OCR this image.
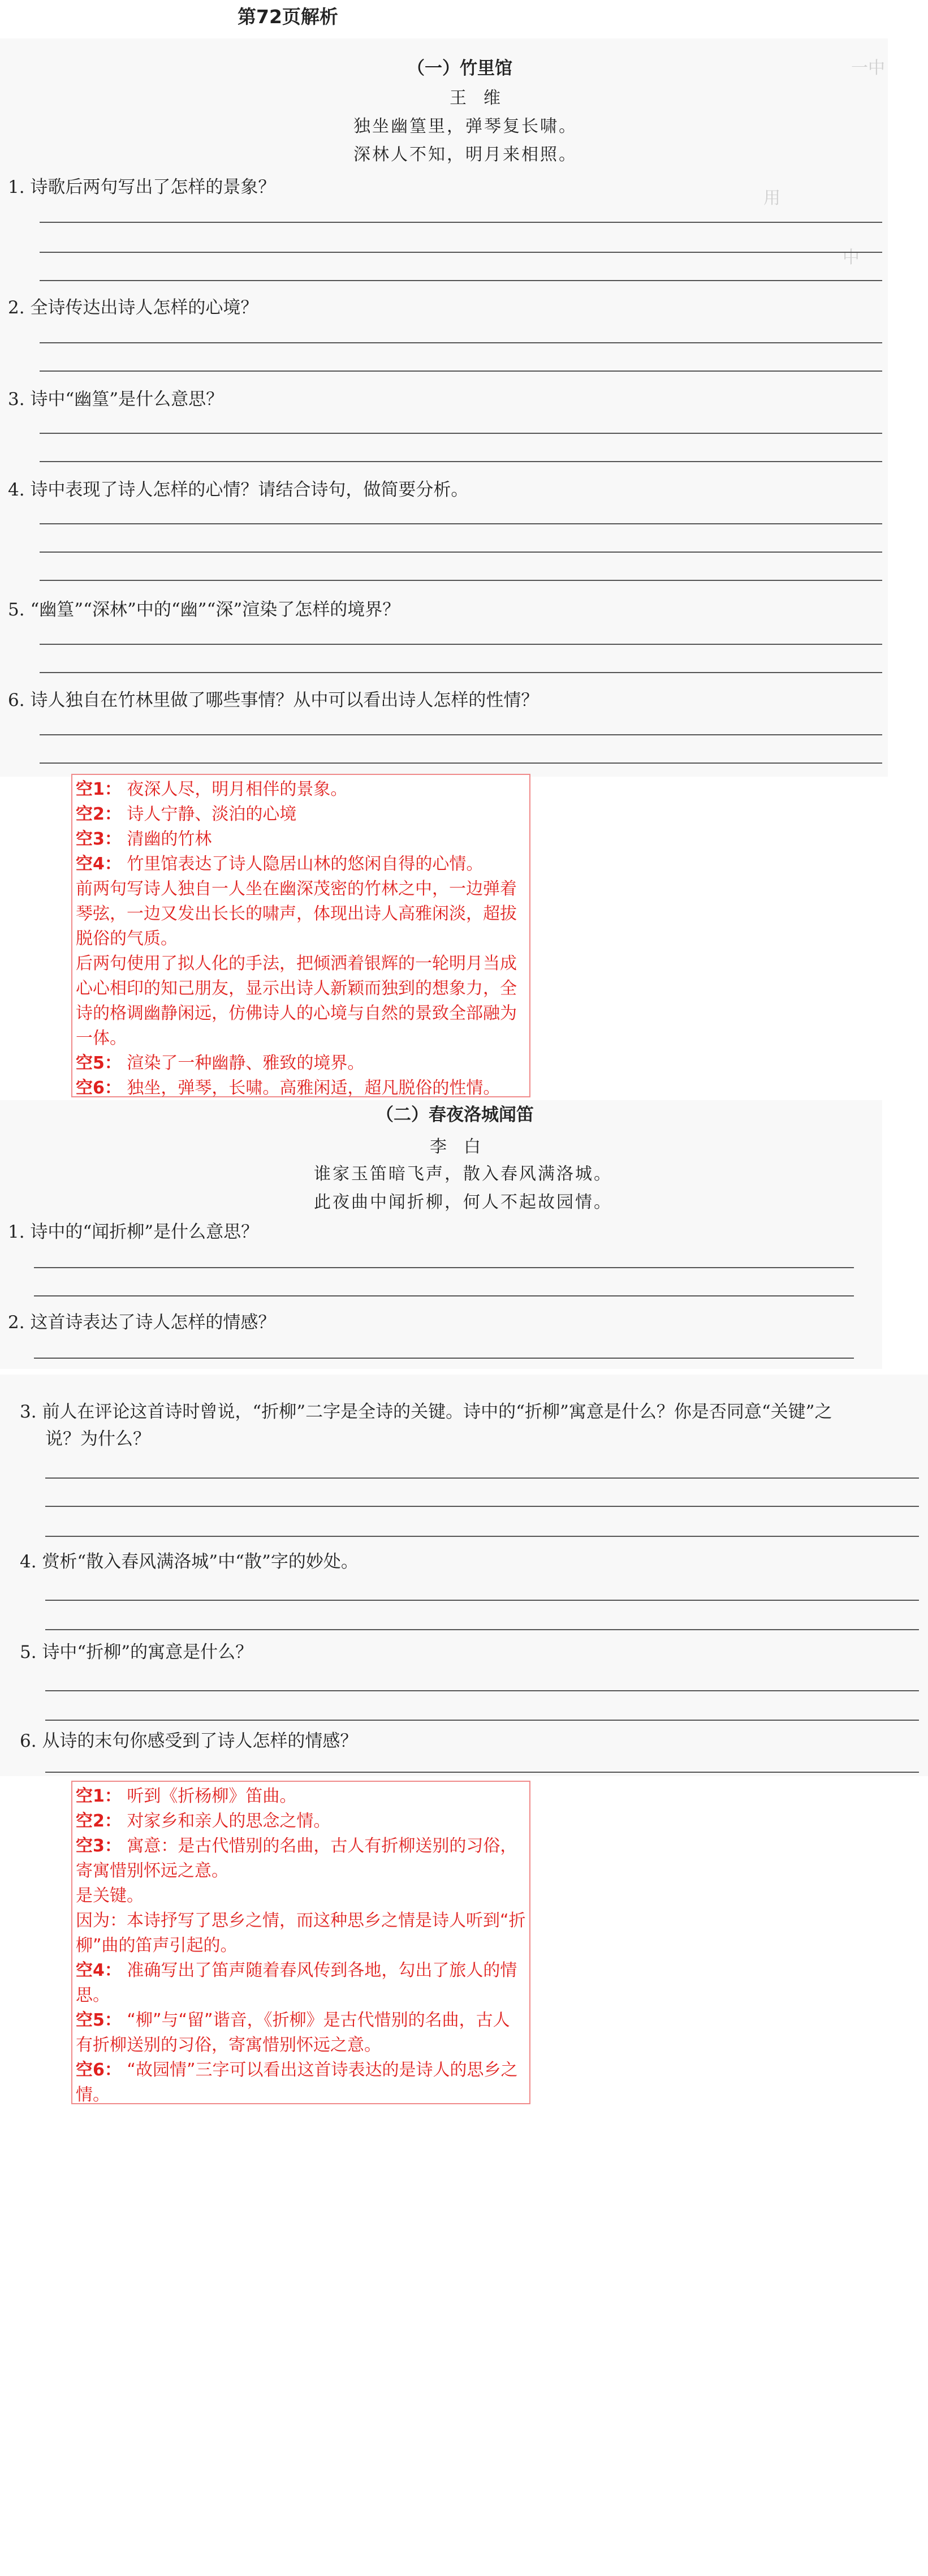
第72页解析
一中
用
中
（一）竹里馆
王维
独坐幽篁里，弹琴复长啸。
深林人不知，明月来相照。
1. 诗歌后两句写出了怎样的景象？
2. 全诗传达出诗人怎样的心境？
3. 诗中“幽篁”是什么意思？
4. 诗中表现了诗人怎样的心情？请结合诗句，做简要分析。
5. “幽篁”“深林”中的“幽”“深”渲染了怎样的境界？
6. 诗人独自在竹林里做了哪些事情？从中可以看出诗人怎样的性情？

空1： 夜深人尽，明月相伴的景象。

空2： 诗人宁静、淡泊的心境

空3： 清幽的竹林

空4： 竹里馆表达了诗人隐居山林的悠闲自得的心情。

前两句写诗人独自一人坐在幽深茂密的竹林之中，一边弹着琴弦，一边又发出长长的啸声，体现出诗人高雅闲淡，超拔脱俗的气质。

后两句使用了拟人化的手法，把倾洒着银辉的一轮明月当成心心相印的知己朋友，显示出诗人新颖而独到的想象力，全诗的格调幽静闲远，仿佛诗人的心境与自然的景致全部融为一体。

空5： 渲染了一种幽静、雅致的境界。

空6： 独坐，弹琴，长啸。高雅闲适，超凡脱俗的性情。

（二）春夜洛城闻笛
李白
谁家玉笛暗飞声，散入春风满洛城。
此夜曲中闻折柳，何人不起故园情。
1. 诗中的“闻折柳”是什么意思？
2. 这首诗表达了诗人怎样的情感？
3. 前人在评论这首诗时曾说，“折柳”二字是全诗的关键。诗中的“折柳”寓意是什么？你是否同意“关键”之
说？为什么？
4. 赏析“散入春风满洛城”中“散”字的妙处。
5. 诗中“折柳”的寓意是什么？
6. 从诗的末句你感受到了诗人怎样的情感？

空1： 听到《折杨柳》笛曲。

空2： 对家乡和亲人的思念之情。

空3： 寓意：是古代惜别的名曲，古人有折柳送别的习俗，寄寓惜别怀远之意。

是关键。

因为：本诗抒写了思乡之情，而这种思乡之情是诗人听到“折柳”曲的笛声引起的。

空4： 准确写出了笛声随着春风传到各地，勾出了旅人的情思。

空5： “柳”与“留”谐音，《折柳》是古代惜别的名曲，古人有折柳送别的习俗，寄寓惜别怀远之意。

空6： “故园情”三字可以看出这首诗表达的是诗人的思乡之情。
